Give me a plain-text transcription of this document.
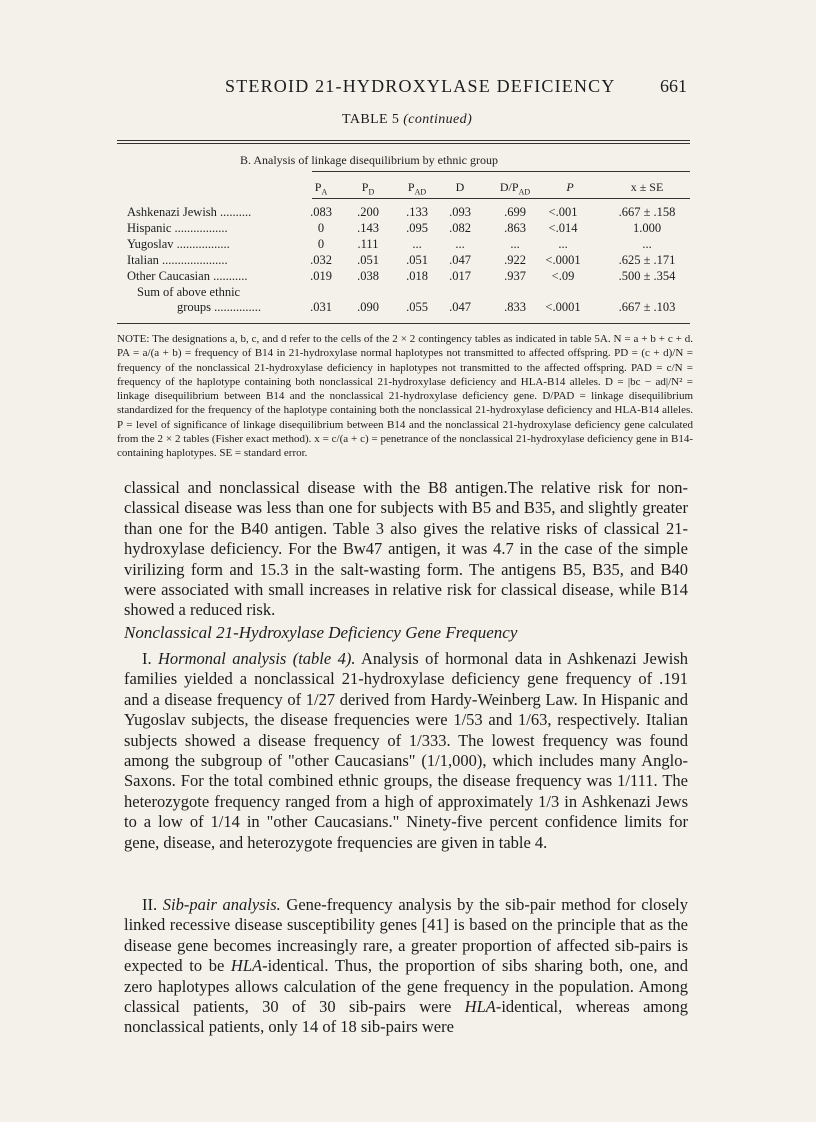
STEROID 21-HYDROXYLASE DEFICIENCY 661
TABLE 5 (continued)
B. Analysis of linkage disequilibrium by ethnic group
$P_A$	$P_D$	$P_{AD}$	D	$D/P_{AD}$	P	x ± SE
Ashkenazi Jewish ..........	.083	.200	.133	.093	.699	<.001	.667 ± .158
Hispanic .................	0	.143	.095	.082	.863	<.014	1.000
Yugoslav .................	0	.111	...	...	...	...	...
Italian .....................	.032	.051	.051	.047	.922	<.0001	.625 ± .171
Other Caucasian ...........	.019	.038	.018	.017	.937	<.09	.500 ± .354
Sum of above ethnic
groups ...............	.031	.090	.055	.047	.833	<.0001	.667 ± .103
NOTE: The designations a, b, c, and d refer to the cells of the 2 × 2 contingency tables as indicated in table 5A. N = a + b + c + d. PA = a/(a + b) = frequency of B14 in 21-hydroxylase normal haplotypes not transmitted to affected offspring. PD = (c + d)/N = frequency of the nonclassical 21-hydroxylase deficiency in haplotypes not transmitted to the affected offspring. PAD = c/N = frequency of the haplotype containing both nonclassical 21-hydroxylase deficiency and HLA-B14 alleles. D = |bc − ad|/N² = linkage disequilibrium between B14 and the nonclassical 21-hydroxylase deficiency gene. D/PAD = linkage disequilibrium standardized for the frequency of the haplotype containing both the nonclassical 21-hydroxylase deficiency and HLA-B14 alleles. P = level of significance of linkage disequilibrium between B14 and the nonclassical 21-hydroxylase deficiency gene calculated from the 2 × 2 tables (Fisher exact method). x = c/(a + c) = penetrance of the nonclassical 21-hydroxylase deficiency gene in B14-containing haplotypes. SE = standard error.
classical and nonclassical disease with the B8 antigen.The relative risk for non-classical disease was less than one for subjects with B5 and B35, and slightly greater than one for the B40 antigen. Table 3 also gives the relative risks of classical 21-hydroxylase deficiency. For the Bw47 antigen, it was 4.7 in the case of the simple virilizing form and 15.3 in the salt-wasting form. The antigens B5, B35, and B40 were associated with small increases in relative risk for classical disease, while B14 showed a reduced risk.
Nonclassical 21-Hydroxylase Deficiency Gene Frequency
I. Hormonal analysis (table 4). Analysis of hormonal data in Ashkenazi Jewish families yielded a nonclassical 21-hydroxylase deficiency gene frequency of .191 and a disease frequency of 1/27 derived from Hardy-Weinberg Law. In Hispanic and Yugoslav subjects, the disease frequencies were 1/53 and 1/63, respectively. Italian subjects showed a disease frequency of 1/333. The lowest frequency was found among the subgroup of "other Caucasians" (1/1,000), which includes many Anglo-Saxons. For the total combined ethnic groups, the disease frequency was 1/111. The heterozygote frequency ranged from a high of approximately 1/3 in Ashkenazi Jews to a low of 1/14 in "other Caucasians." Ninety-five percent confidence limits for gene, disease, and heterozygote frequencies are given in table 4.
II. Sib-pair analysis. Gene-frequency analysis by the sib-pair method for closely linked recessive disease susceptibility genes [41] is based on the principle that as the disease gene becomes increasingly rare, a greater proportion of affected sib-pairs is expected to be HLA-identical. Thus, the proportion of sibs sharing both, one, and zero haplotypes allows calculation of the gene frequency in the population. Among classical patients, 30 of 30 sib-pairs were HLA-identical, whereas among nonclassical patients, only 14 of 18 sib-pairs were
